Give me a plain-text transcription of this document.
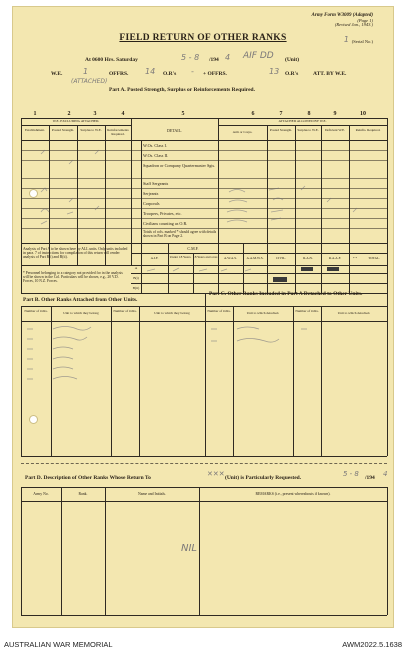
Army Form W3009 (Adapted)
(Page 1)
(Revised Jan., 1943.)
(Serial No.)
1
FIELD RETURN OF OTHER RANKS
At 0600 Hrs. Saturday	5 - 8 /194 4 AIF DD (Unit)
W.E.	1	OFFRS. 14 O.R's - + OFFRS.	13 O.R's	ATT. BY W.E.
(ATTACHED)
Part A. Posted Strength, Surplus or Reinforcements Required.
1	2	3	4	5	6	7	8	9	10
W.E. EXCLUDING ATTACHED.	ATTACHED ALLOWED BY W.E.
DETAIL.
Establishment.	Posted Strength.	Surplus to W.E.	Reinforcements Required.	Arm or Corps.	Posted Strength.	Surplus to W.E.	Deficient W.E.	Reinfts. Required.
W.Os. Class I.
W.Os. Class II.
Squadron or Company Quartermaster Sgts.
Staff Sergeants
Serjeants
Corporals
Troopers, Privates, etc.
Civilians counting as O.R.
Totals of cols. marked * should agree with details shown in Part B on Page 2.
Analysis of Part A to be shown here by ALL units. Only units included in para. 7 of instructions for compilation of this return will render analysis of Part B(i) and B(ii).
* Personnel belonging to a category not provided for in the analysis will be shown in the Col. Particulars will be shown, e.g., 20 V.D. Forces, 10 N.Z. Forces.
C.M.F.
A.I.F.	Under 18 Years. 18 Years and over.	A.W.A.S.	A.A.M.W.S.	CIVIL.	R.A.N.	R.A.A.F.	* *	TOTAL.
A
B(i)
B(ii)
Part B. Other Ranks Attached from Other Units.
Number of O.Rs.	Unit to which they belong	Number of O.Rs.	Unit to which they belong
Part C. Other Ranks Included in Part A Detached to Other Units.
Number of O.Rs.	Unit to which detached.	Number of O.Rs.	Unit to which detached.
Part D. Description of Other Ranks Whose Return To	✕✕✕ (Unit) is Particularly Requested.	5 - 8 /194 4
Army No.	Rank.	Name and Initials.	REMARKS (i.e., present whereabouts if known).
NIL
AUSTRALIAN WAR MEMORIAL	AWM2022.5.1638
